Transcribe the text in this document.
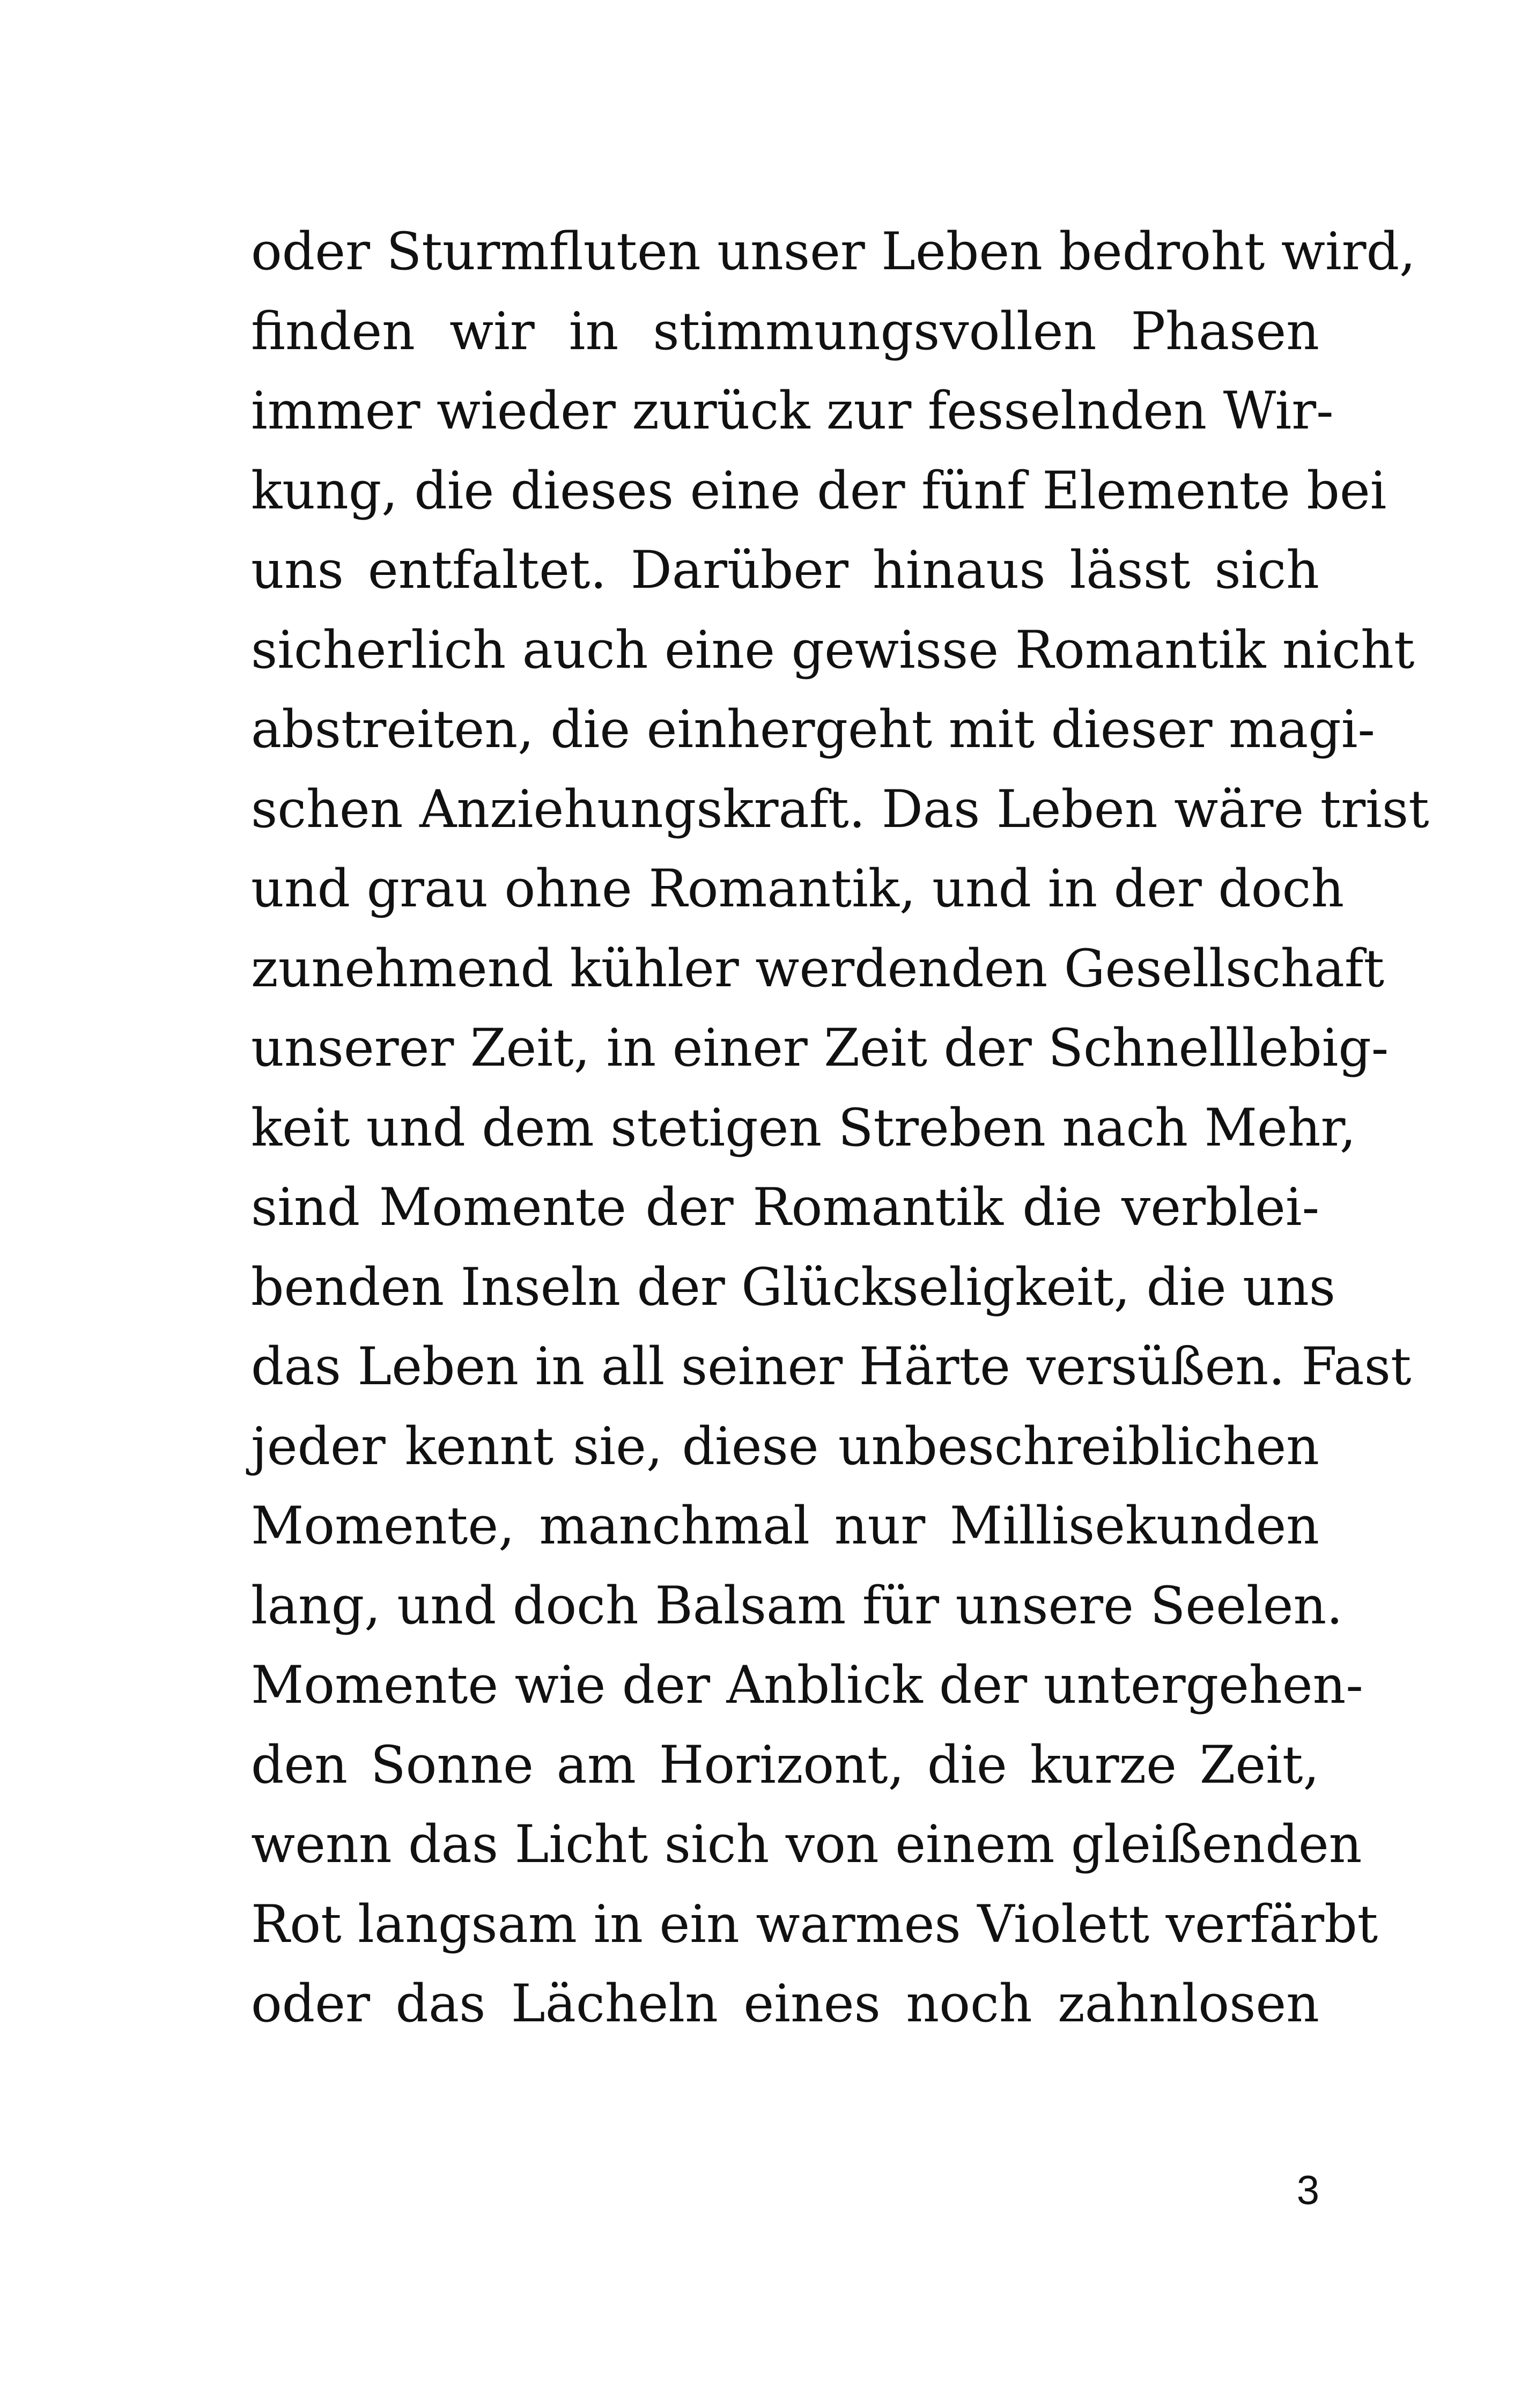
oder Sturmfluten unser Leben bedroht wird,
finden wir in stimmungsvollen Phasen
immer wieder zurück zur fesselnden Wir-
kung, die dieses eine der fünf Elemente bei
uns entfaltet. Darüber hinaus lässt sich
sicherlich auch eine gewisse Romantik nicht
abstreiten, die einhergeht mit dieser magi-
schen Anziehungskraft. Das Leben wäre trist
und grau ohne Romantik, und in der doch
zunehmend kühler werdenden Gesellschaft
unserer Zeit, in einer Zeit der Schnelllebig-
keit und dem stetigen Streben nach Mehr,
sind Momente der Romantik die verblei-
benden Inseln der Glückseligkeit, die uns
das Leben in all seiner Härte versüßen. Fast
jeder kennt sie, diese unbeschreiblichen
Momente, manchmal nur Millisekunden
lang, und doch Balsam für unsere Seelen.
Momente wie der Anblick der untergehen-
den Sonne am Horizont, die kurze Zeit,
wenn das Licht sich von einem gleißenden
Rot langsam in ein warmes Violett verfärbt
oder das Lächeln eines noch zahnlosen
3
